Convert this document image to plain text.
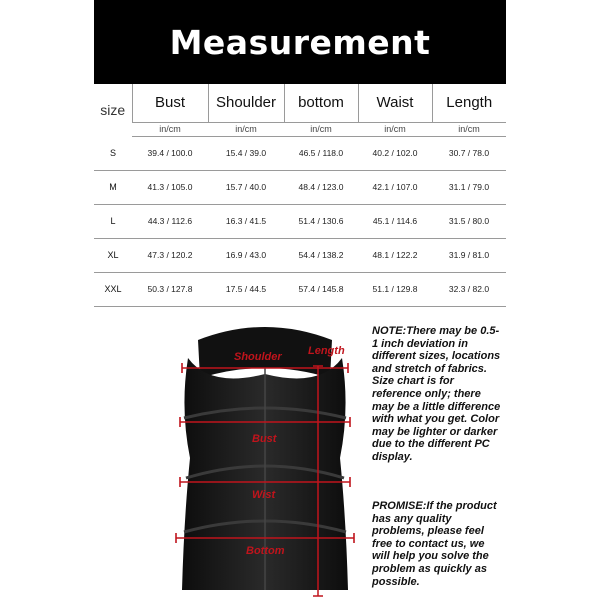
Measurement
size	Bust	Shoulder	bottom	Waist	Length
	in/cm	in/cm	in/cm	in/cm	in/cm
S	39.4 / 100.0	15.4 / 39.0	46.5 / 118.0	40.2 / 102.0	30.7 / 78.0
M	41.3 / 105.0	15.7 / 40.0	48.4 / 123.0	42.1 / 107.0	31.1 / 79.0
L	44.3 / 112.6	16.3 / 41.5	51.4 / 130.6	45.1 / 114.6	31.5 / 80.0
XL	47.3 / 120.2	16.9 / 43.0	54.4 / 138.2	48.1 / 122.2	31.9 / 81.0
XXL	50.3 / 127.8	17.5 / 44.5	57.4 / 145.8	51.1 / 129.8	32.3 / 82.0
Shoulder
Bust
Wist
Bottom
Length
NOTE:There may be 0.5-1 inch deviation in different sizes, locations and stretch of fabrics. Size chart is for reference only; there may be a little difference with what you get. Color may be lighter or darker due to the different PC display.
PROMISE:If the product has any quality problems, please feel free to contact us, we will help you solve the problem as quickly as possible.
